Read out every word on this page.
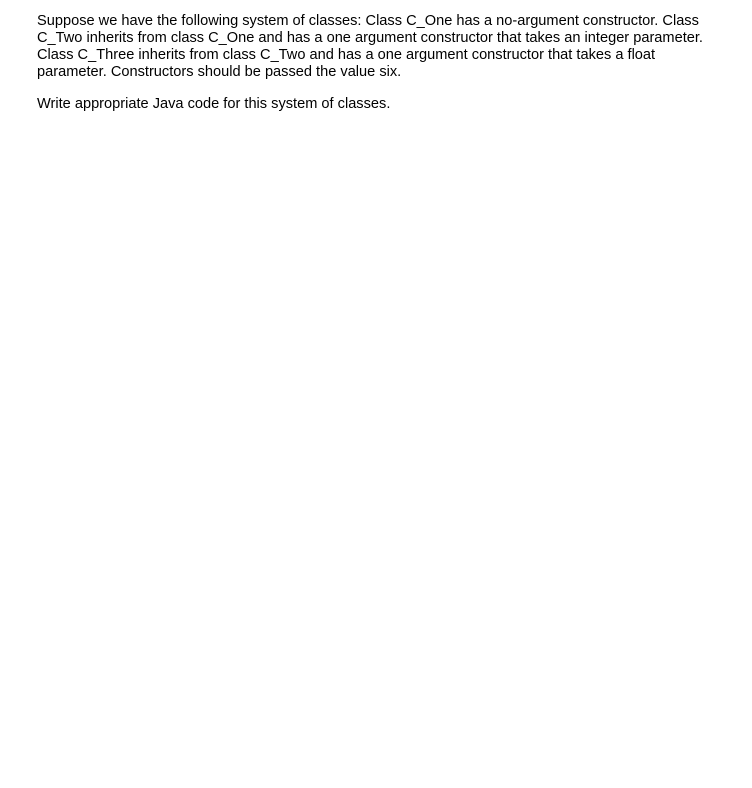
Suppose we have the following system of classes: Class C_One has a no-argument constructor. Class C_Two inherits from class C_One and has a one argument constructor that takes an integer parameter. Class C_Three inherits from class C_Two and has a one argument constructor that takes a float parameter. Constructors should be passed the value six.

Write appropriate Java code for this system of classes.
